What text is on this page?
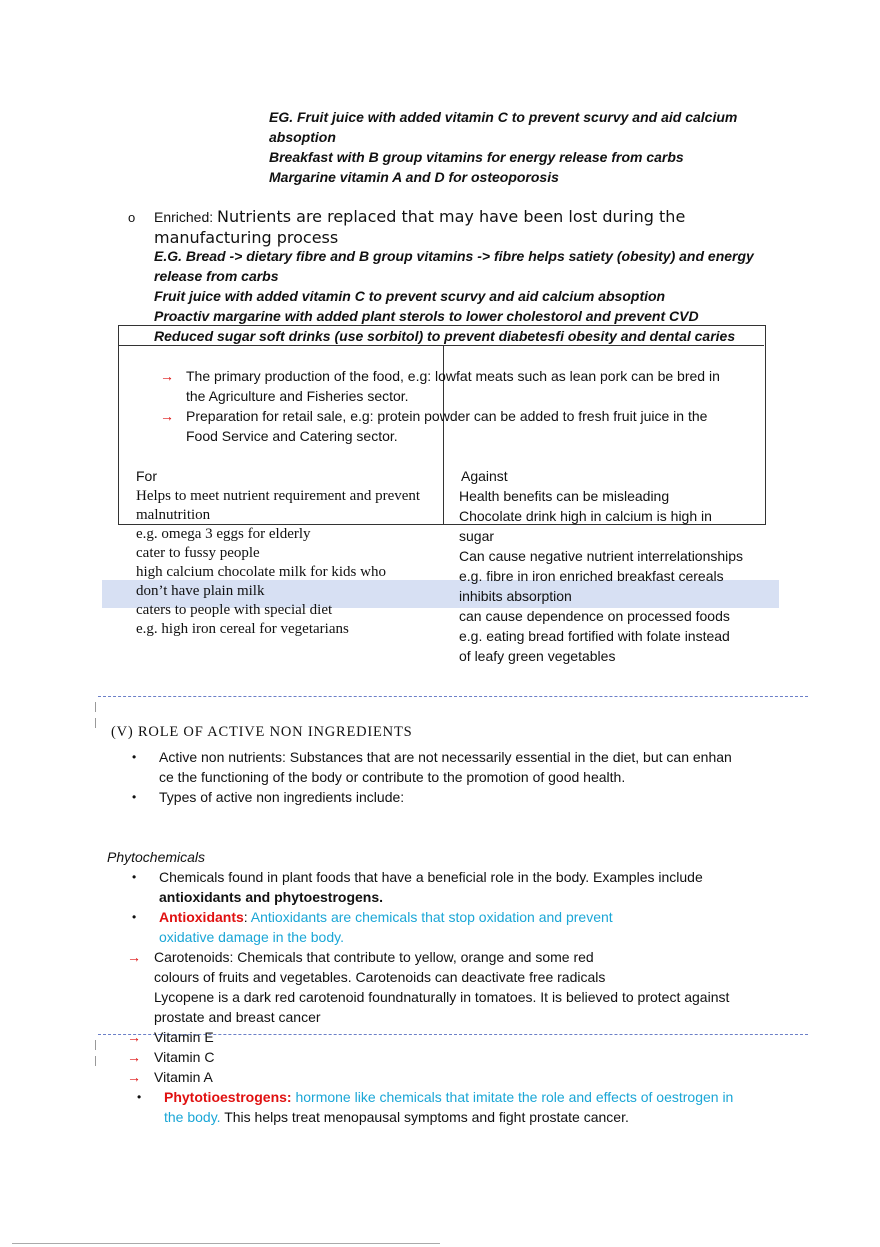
EG. Fruit juice with added vitamin C to prevent scurvy and aid calcium
absoption
Breakfast with B group vitamins for energy release from carbs
Margarine vitamin A and D for osteoporosis
o Enriched: Nutrients are replaced that may have been lost during the
manufacturing process
E.G. Bread -> dietary fibre and B group vitamins -> fibre helps satiety (obesity) and energy
release from carbs
Fruit juice with added vitamin C to prevent scurvy and aid calcium absoption
Proactiv margarine with added plant sterols to lower cholestorol and prevent CVD
Reduced sugar soft drinks (use sorbitol) to prevent diabetesfi obesity and dental caries
→ The primary production of the food, e.g: lowfat meats such as lean pork can be bred in
the Agriculture and Fisheries sector.
→ Preparation for retail sale, e.g: protein powder can be added to fresh fruit juice in the
Food Service and Catering sector.
For	Against
Helps to meet nutrient requirement and prevent
malnutrition
e.g. omega 3 eggs for elderly
cater to fussy people
high calcium chocolate milk for kids who
don’t have plain milk
caters to people with special diet
e.g. high iron cereal for vegetarians
Health benefits can be misleading
Chocolate drink high in calcium is high in
sugar
Can cause negative nutrient interrelationships
e.g. fibre in iron enriched breakfast cereals
inhibits absorption
can cause dependence on processed foods
e.g. eating bread fortified with folate instead
of leafy green vegetables
(V) ROLE OF ACTIVE NON INGREDIENTS
• Active non nutrients: Substances that are not necessarily essential in the diet, but can enhan
ce the functioning of the body or contribute to the promotion of good health.
• Types of active non ingredients include:
Phytochemicals
• Chemicals found in plant foods that have a beneficial role in the body. Examples include
antioxidants and phytoestrogens.
• Antioxidants: Antioxidants are chemicals that stop oxidation and prevent
oxidative damage in the body.
→ Carotenoids: Chemicals that contribute to yellow, orange and some red
colours of fruits and vegetables. Carotenoids can deactivate free radicals
Lycopene is a dark red carotenoid foundnaturally in tomatoes. It is believed to protect against
prostate and breast cancer
→ Vitamin E
→ Vitamin C
→ Vitamin A
• Phytotioestrogens: hormone like chemicals that imitate the role and effects of oestrogen in
the body. This helps treat menopausal symptoms and fight prostate cancer.
